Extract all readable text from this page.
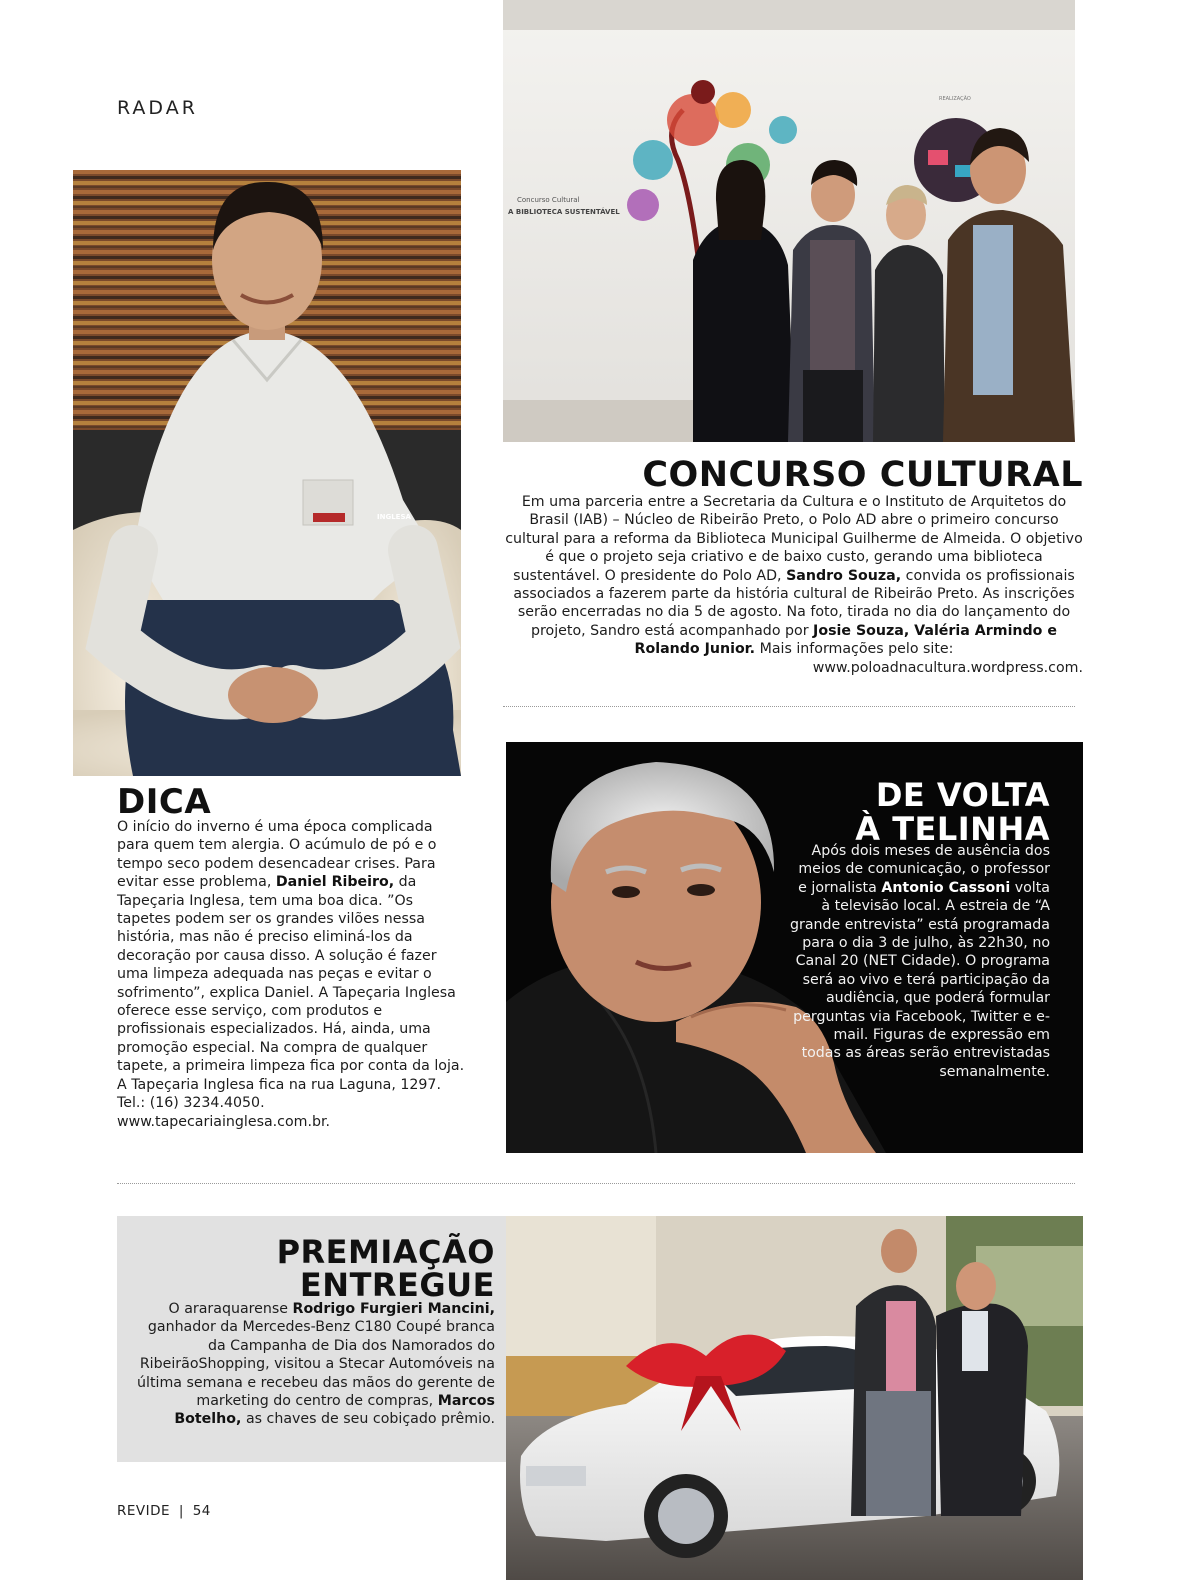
RADAR
INGLESA
Concurso Cultural
A BIBLIOTECA SUSTENTÁVEL
REALIZAÇÃO
CONCURSO CULTURAL

Em uma parceria entre a Secretaria da Cultura e o Instituto de Arquitetos do Brasil (IAB) – Núcleo de Ribeirão Preto, o Polo AD abre o primeiro concurso cultural para a reforma da Biblioteca Municipal Guilherme de Almeida. O objetivo é que o projeto seja criativo e de baixo custo, gerando uma biblioteca sustentável. O presidente do Polo AD, Sandro Souza, convida os profissionais associados a fazerem parte da história cultural de Ribeirão Preto. As inscrições serão encerradas no dia 5 de agosto. Na foto, tirada no dia do lançamento do projeto, Sandro está acompanhado por Josie Souza, Valéria Armindo e Rolando Junior. Mais informações pelo site: www.poloadnacultura.wordpress.com.

DICA

O início do inverno é uma época complicada para quem tem alergia. O acúmulo de pó e o tempo seco podem desencadear crises. Para evitar esse problema, Daniel Ribeiro, da Tapeçaria Inglesa, tem uma boa dica. ”Os tapetes podem ser os grandes vilões nessa história, mas não é preciso eliminá-los da decoração por causa disso. A solução é fazer uma limpeza adequada nas peças e evitar o sofrimento”, explica Daniel. A Tapeçaria Inglesa oferece esse serviço, com produtos e profissionais especializados. Há, ainda, uma promoção especial. Na compra de qualquer tapete, a primeira limpeza fica por conta da loja. A Tapeçaria Inglesa fica na rua Laguna, 1297. Tel.: (16) 3234.4050. www.tapecariainglesa.com.br.

DE VOLTA
À TELINHA

Após dois meses de ausência dos meios de comunicação, o professor e jornalista Antonio Cassoni volta à televisão local. A estreia de “A grande entrevista” está programada para o dia 3 de julho, às 22h30, no Canal 20 (NET Cidade). O programa será ao vivo e terá participação da audiência, que poderá formular perguntas via Facebook, Twitter e e-mail. Figuras de expressão em todas as áreas serão entrevistadas semanalmente.

PREMIAÇÃO
ENTREGUE

O araraquarense Rodrigo Furgieri Mancini, ganhador da Mercedes-Benz C180 Coupé branca da Campanha de Dia dos Namorados do RibeirãoShopping, visitou a Stecar Automóveis na última semana e recebeu das mãos do gerente de marketing do centro de compras, Marcos Botelho, as chaves de seu cobiçado prêmio.

REVIDE | 54
